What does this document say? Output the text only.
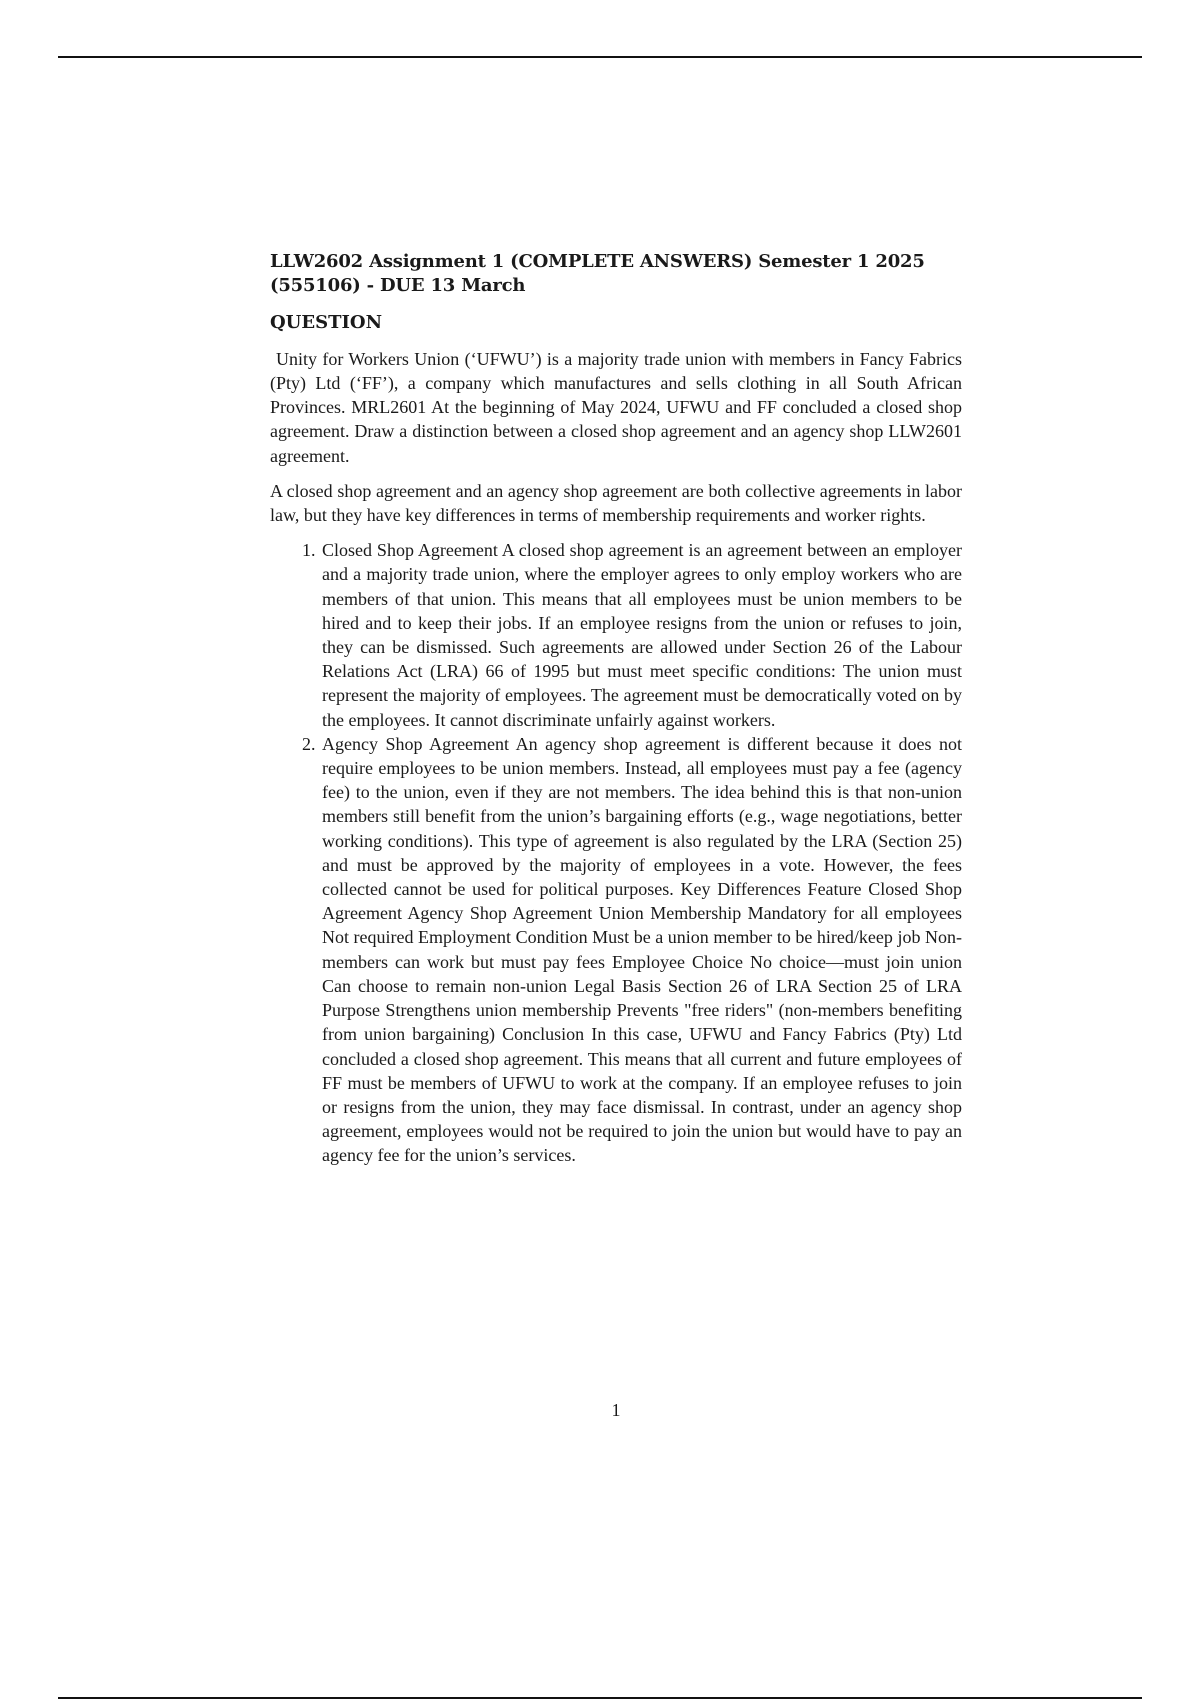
LLW2602 Assignment 1 (COMPLETE ANSWERS) Semester 1 2025 (555106) - DUE 13 March
QUESTION

Unity for Workers Union (‘UFWU’) is a majority trade union with members in Fancy Fabrics (Pty) Ltd (‘FF’), a company which manufactures and sells clothing in all South African Provinces. MRL2601 At the beginning of May 2024, UFWU and FF concluded a closed shop agreement. Draw a distinction between a closed shop agreement and an agency shop LLW2601 agreement.

A closed shop agreement and an agency shop agreement are both collective agreements in labor law, but they have key differences in terms of membership requirements and worker rights.

1. Closed Shop Agreement A closed shop agreement is an agreement between an employer and a majority trade union, where the employer agrees to only employ workers who are members of that union. This means that all employees must be union members to be hired and to keep their jobs. If an employee resigns from the union or refuses to join, they can be dismissed. Such agreements are allowed under Section 26 of the Labour Relations Act (LRA) 66 of 1995 but must meet specific conditions: The union must represent the majority of employees. The agreement must be democratically voted on by the employees. It cannot discriminate unfairly against workers.
2. Agency Shop Agreement An agency shop agreement is different because it does not require employees to be union members. Instead, all employees must pay a fee (agency fee) to the union, even if they are not members. The idea behind this is that non-union members still benefit from the union’s bargaining efforts (e.g., wage negotiations, better working conditions). This type of agreement is also regulated by the LRA (Section 25) and must be approved by the majority of employees in a vote. However, the fees collected cannot be used for political purposes. Key Differences Feature Closed Shop Agreement Agency Shop Agreement Union Membership Mandatory for all employees Not required Employment Condition Must be a union member to be hired/keep job Non-members can work but must pay fees Employee Choice No choice—must join union Can choose to remain non-union Legal Basis Section 26 of LRA Section 25 of LRA Purpose Strengthens union membership Prevents "free riders" (non-members benefiting from union bargaining) Conclusion In this case, UFWU and Fancy Fabrics (Pty) Ltd concluded a closed shop agreement. This means that all current and future employees of FF must be members of UFWU to work at the company. If an employee refuses to join or resigns from the union, they may face dismissal. In contrast, under an agency shop agreement, employees would not be required to join the union but would have to pay an agency fee for the union’s services.
1
